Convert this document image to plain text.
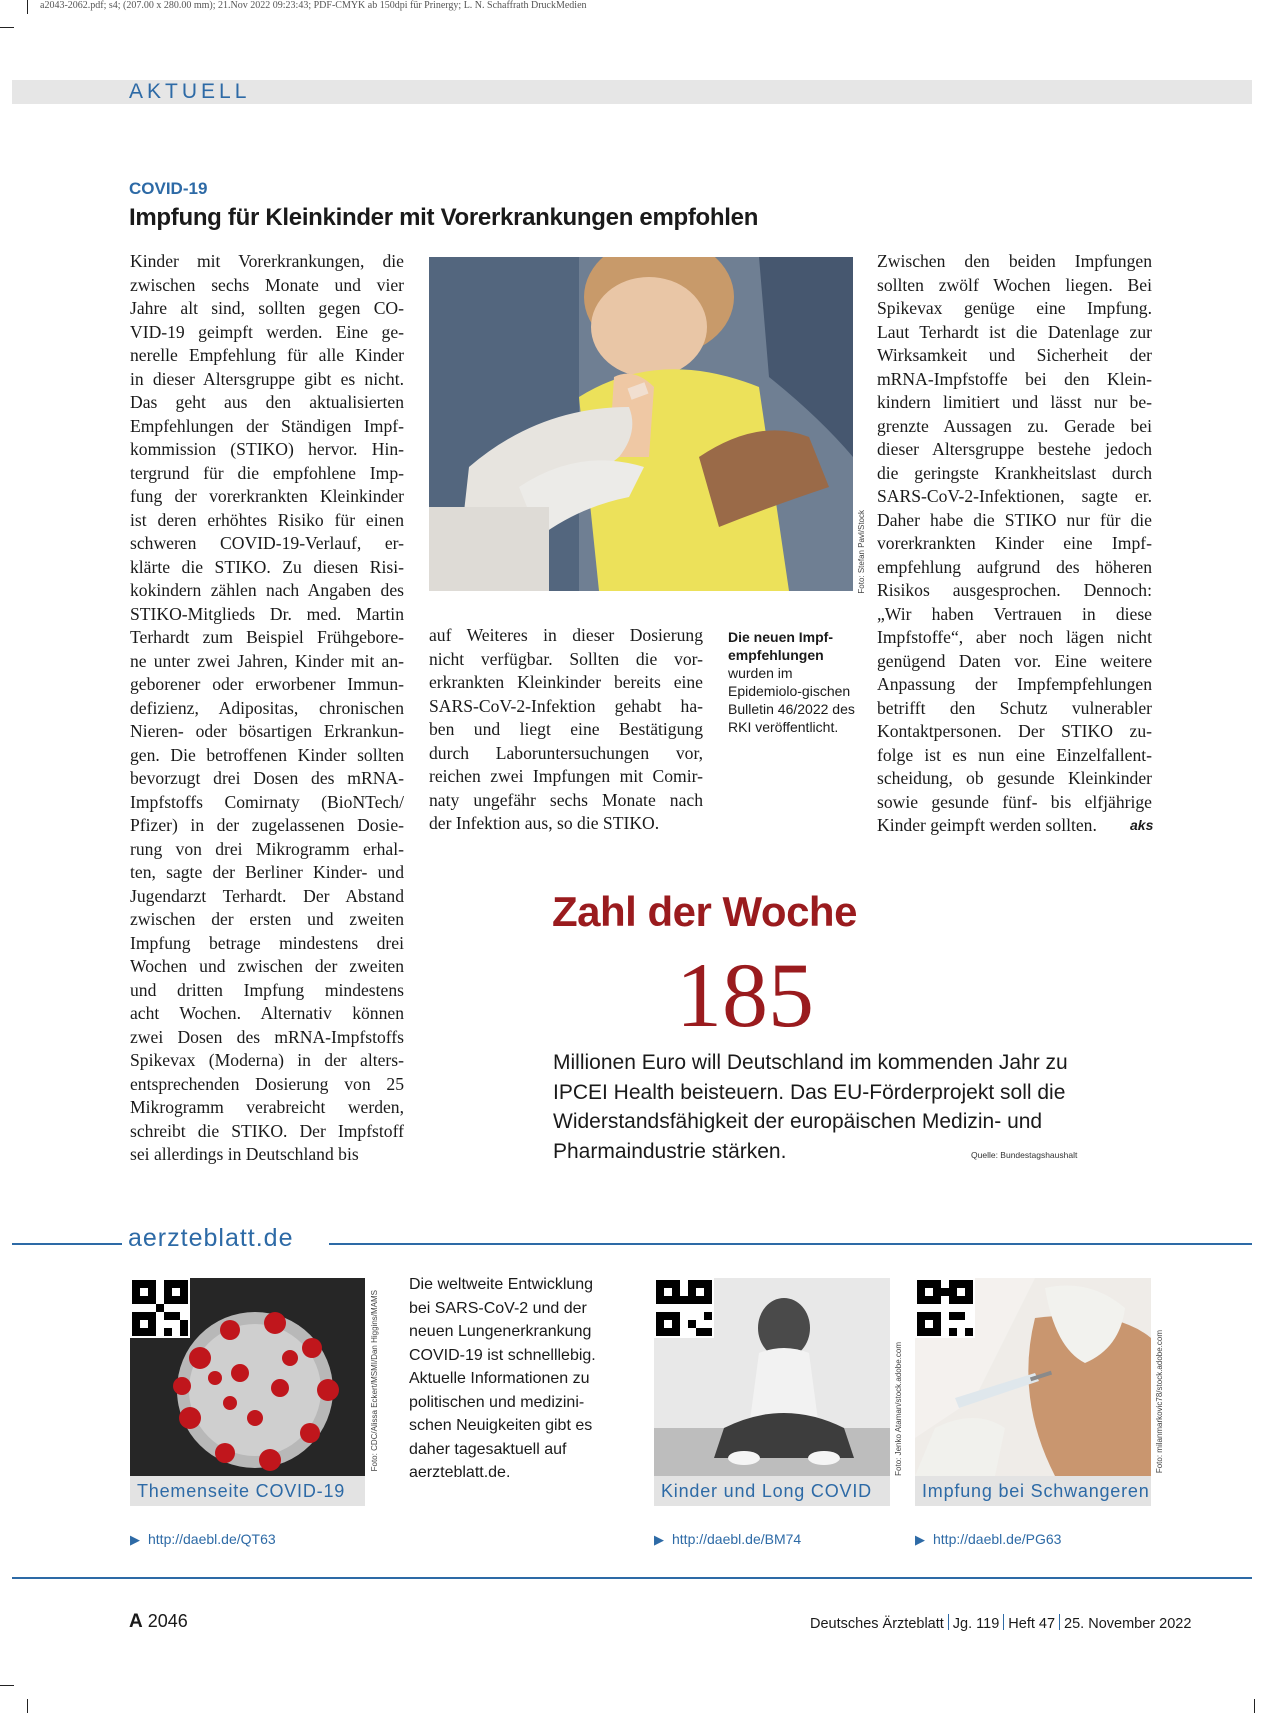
a2043-2062.pdf; s4; (207.00 x 280.00 mm); 21.Nov 2022 09:23:43; PDF-CMYK ab 150dpi für Prinergy; L. N. Schaffrath DruckMedien
AKTUELL
COVID-19
Impfung für Kleinkinder mit Vorerkrankungen empfohlen
Kinder mit Vorerkrankungen, die
zwischen sechs Monate und vier
Jahre alt sind, sollten gegen CO-
VID-19 geimpft werden. Eine ge-
nerelle Empfehlung für alle Kinder
in dieser Altersgruppe gibt es nicht.
Das geht aus den aktualisierten
Empfehlungen der Ständigen Impf-
kommission (STIKO) hervor. Hin-
tergrund für die empfohlene Imp-
fung der vorerkrankten Kleinkinder
ist deren erhöhtes Risiko für einen
schweren COVID-19-Verlauf, er-
klärte die STIKO. Zu diesen Risi-
kokindern zählen nach Angaben des
STIKO-Mitglieds Dr. med. Martin
Terhardt zum Beispiel Frühgebore-
ne unter zwei Jahren, Kinder mit an-
geborener oder erworbener Immun-
defizienz, Adipositas, chronischen
Nieren- oder bösartigen Erkrankun-
gen. Die betroffenen Kinder sollten
bevorzugt drei Dosen des mRNA-
Impfstoffs Comirnaty (BioNTech/
Pfizer) in der zugelassenen Dosie-
rung von drei Mikrogramm erhal-
ten, sagte der Berliner Kinder- und
Jugendarzt Terhardt. Der Abstand
zwischen der ersten und zweiten
Impfung betrage mindestens drei
Wochen und zwischen der zweiten
und dritten Impfung mindestens
acht Wochen. Alternativ können
zwei Dosen des mRNA-Impfstoffs
Spikevax (Moderna) in der alters-
entsprechenden Dosierung von 25
Mikrogramm verabreicht werden,
schreibt die STIKO. Der Impfstoff
sei allerdings in Deutschland bis
Foto: Stefan Pavl/Stock
auf Weiteres in dieser Dosierung
nicht verfügbar. Sollten die vor-
erkrankten Kleinkinder bereits eine
SARS-CoV-2-Infektion gehabt ha-
ben und liegt eine Bestätigung
durch Laboruntersuchungen vor,
reichen zwei Impfungen mit Comir-
naty ungefähr sechs Monate nach
der Infektion aus, so die STIKO.
Die neuen Impf-empfehlungen wurden im Epidemiolo-gischen Bulletin 46/2022 des RKI veröffentlicht.
Zwischen den beiden Impfungen
sollten zwölf Wochen liegen. Bei
Spikevax genüge eine Impfung.
Laut Terhardt ist die Datenlage zur
Wirksamkeit und Sicherheit der
mRNA-Impfstoffe bei den Klein-
kindern limitiert und lässt nur be-
grenzte Aussagen zu. Gerade bei
dieser Altersgruppe bestehe jedoch
die geringste Krankheitslast durch
SARS-CoV-2-Infektionen, sagte er.
Daher habe die STIKO nur für die
vorerkrankten Kinder eine Impf-
empfehlung aufgrund des höheren
Risikos ausgesprochen. Dennoch:
„Wir haben Vertrauen in diese
Impfstoffe“, aber noch lägen nicht
genügend Daten vor. Eine weitere
Anpassung der Impfempfehlungen
betrifft den Schutz vulnerabler
Kontaktpersonen. Der STIKO zu-
folge ist es nun eine Einzelfallent-
scheidung, ob gesunde Kleinkinder
sowie gesunde fünf- bis elfjährige
Kinder geimpft werden sollten.	aks
Zahl der Woche
185
Millionen Euro will Deutschland im kommenden Jahr zu IPCEI Health beisteuern. Das EU-Förderprojekt soll die Widerstandsfähigkeit der europäischen Medizin- und Pharmaindustrie stärken.	Quelle: Bundestagshaushalt
aerzteblatt.de
Foto: CDC/Alissa Eckert/MSMI/Dan Higgins/MAMS
Themenseite COVID-19
▶ http://daebl.de/QT63
Die weltweite Entwicklung bei SARS-CoV-2 und der neuen Lungenerkrankung COVID-19 ist schnelllebig. Aktuelle Informationen zu politischen und medizini-schen Neuigkeiten gibt es daher tagesaktuell auf aerzteblatt.de.	Foto: Jenko Ataman/stock.adobe.com
Kinder und Long COVID
▶ http://daebl.de/BM74
Foto: milanmarkovic78/stock.adobe.com
Impfung bei Schwangeren
▶ http://daebl.de/PG63
A 2046	Deutsches Ärzteblatt Jg. 119 Heft 47 25. November 2022
